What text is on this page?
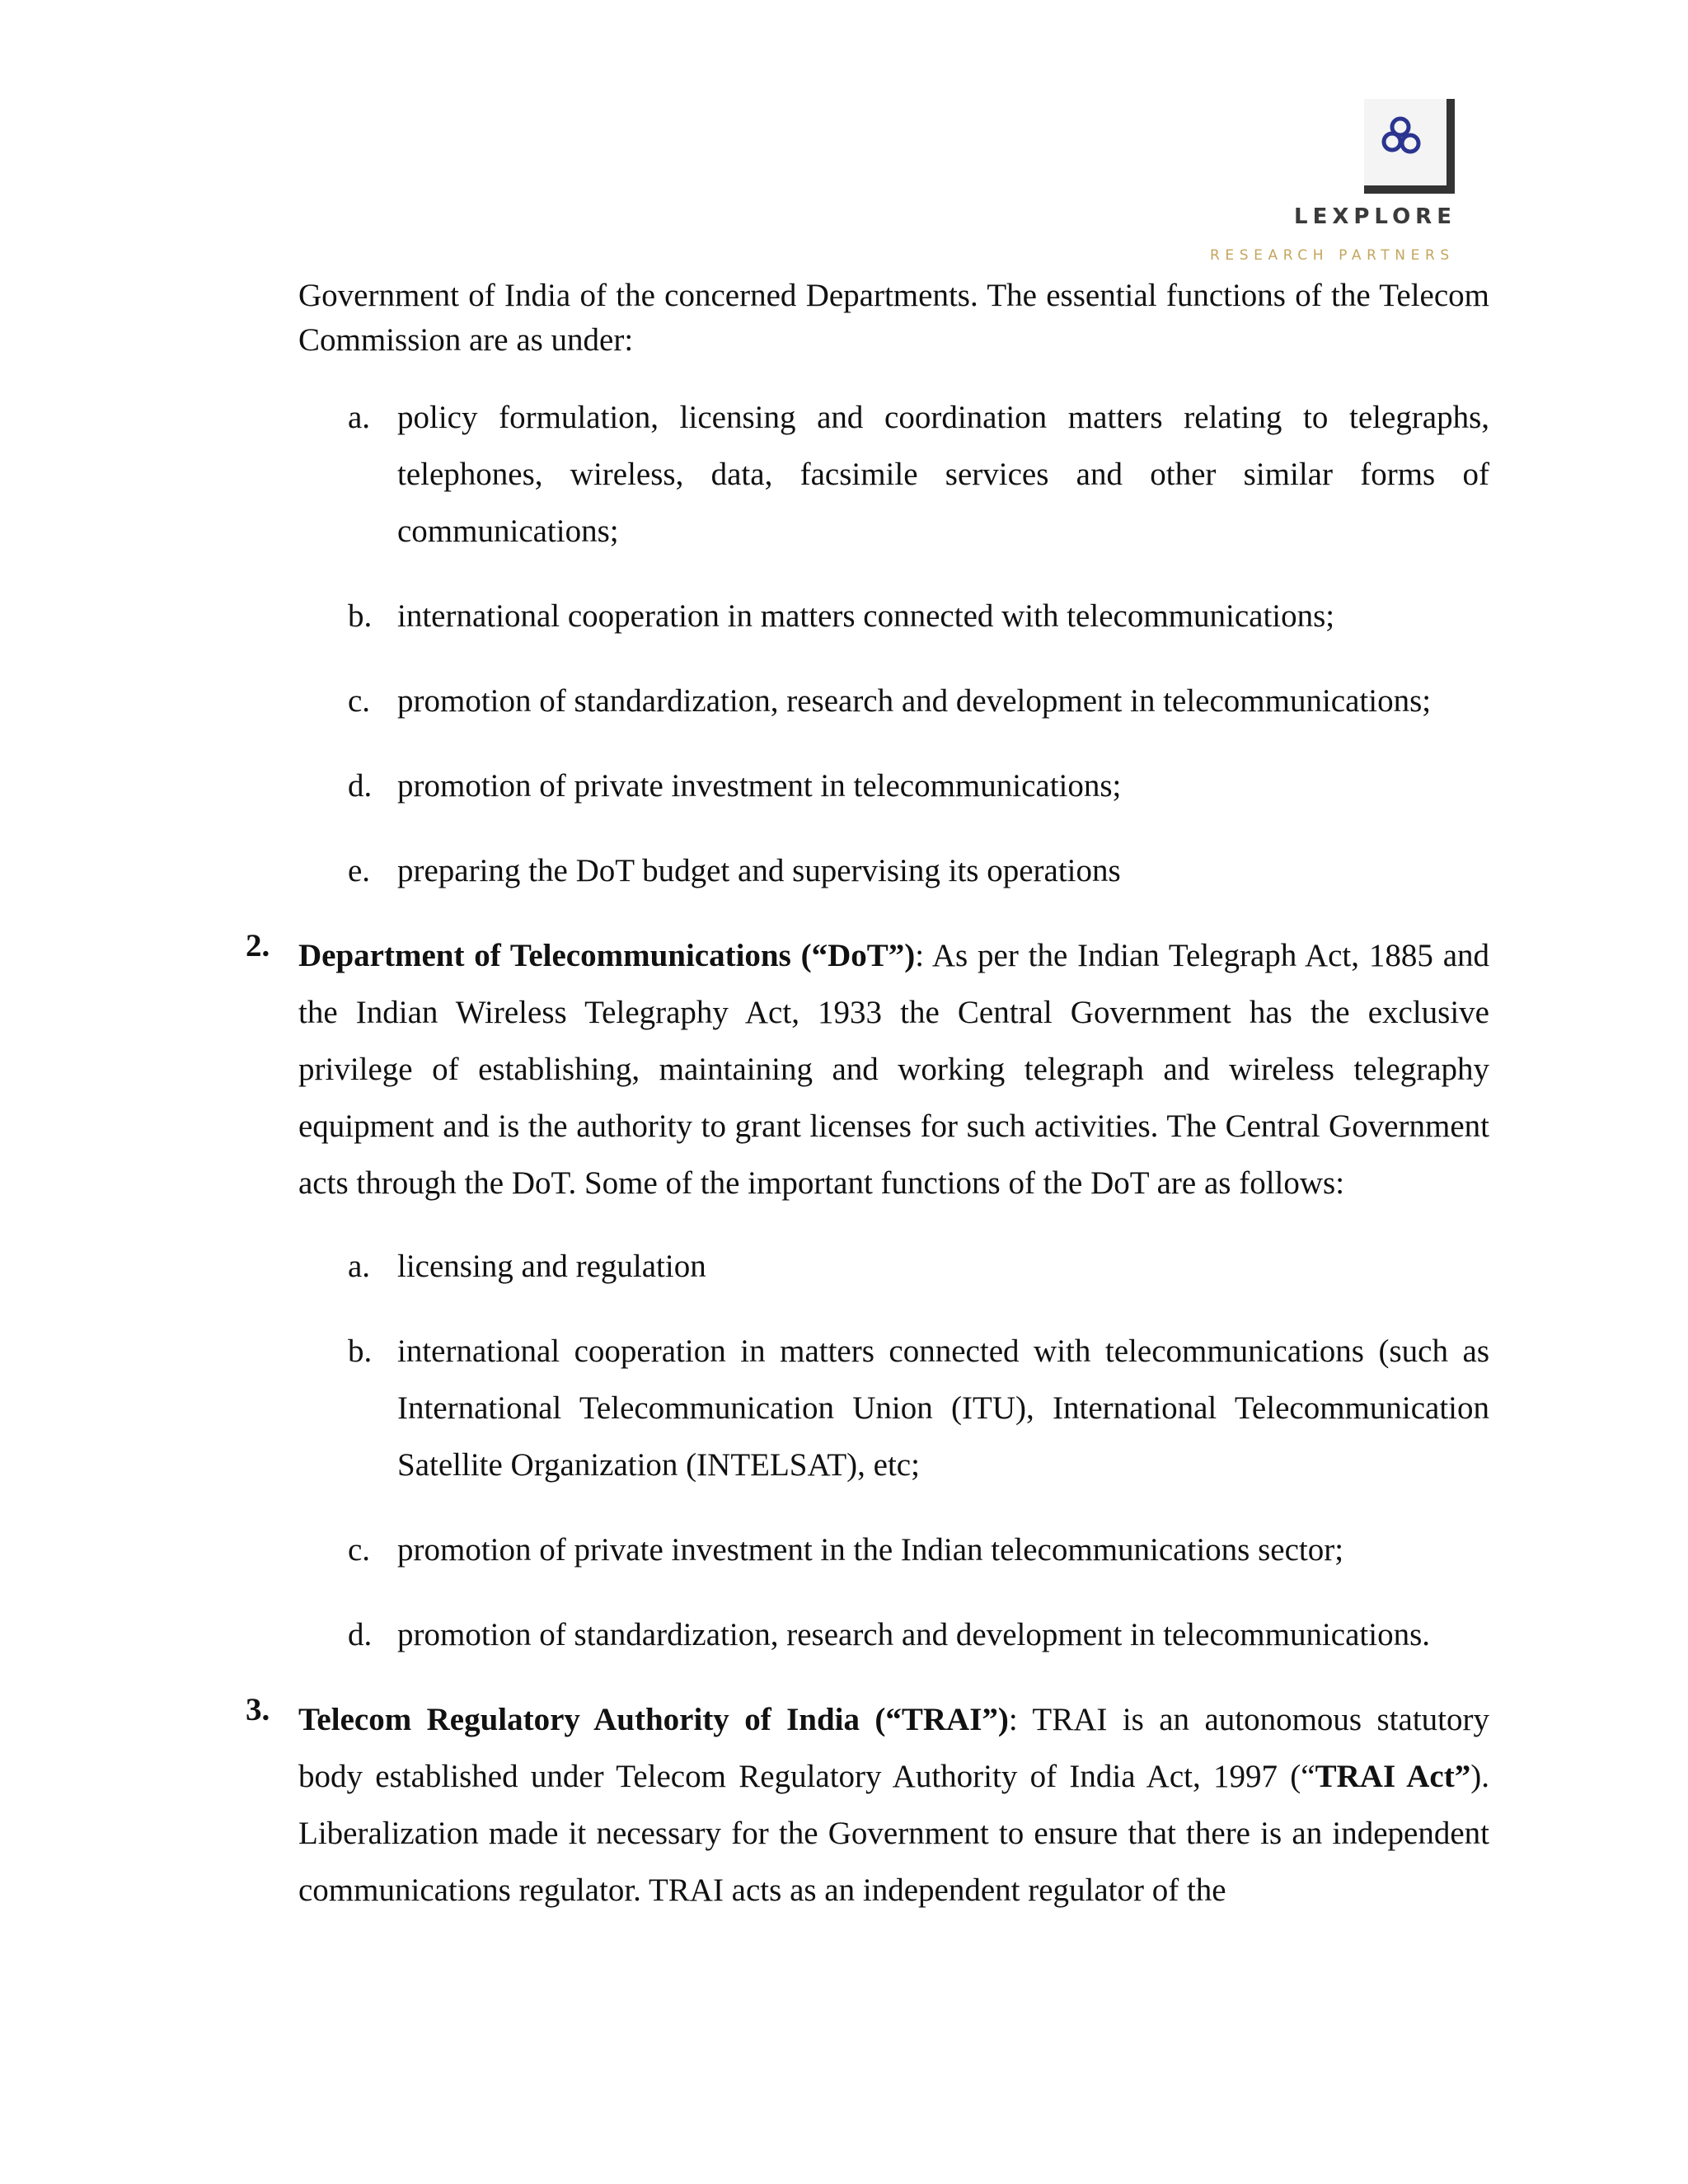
LEXPLORE
RESEARCH PARTNERS

Government of India of the concerned Departments. The essential functions of the Telecom Commission are as under:

a. policy formulation, licensing and coordination matters relating to telegraphs, telephones, wireless, data, facsimile services and other similar forms of communications;
b. international cooperation in matters connected with telecommunications;
c. promotion of standardization, research and development in telecommunications;
d. promotion of private investment in telecommunications;
e. preparing the DoT budget and supervising its operations
2. Department of Telecommunications (“DoT”): As per the Indian Telegraph Act, 1885 and the Indian Wireless Telegraphy Act, 1933 the Central Government has the exclusive privilege of establishing, maintaining and working telegraph and wireless telegraphy equipment and is the authority to grant licenses for such activities. The Central Government acts through the DoT. Some of the important functions of the DoT are as follows:

a. licensing and regulation
b. international cooperation in matters connected with telecommunications (such as International Telecommunication Union (ITU), International Telecommunication Satellite Organization (INTELSAT), etc;
c. promotion of private investment in the Indian telecommunications sector;
d. promotion of standardization, research and development in telecommunications.
3. Telecom Regulatory Authority of India (“TRAI”): TRAI is an autonomous statutory body established under Telecom Regulatory Authority of India Act, 1997 (“TRAI Act”). Liberalization made it necessary for the Government to ensure that there is an independent communications regulator. TRAI acts as an independent regulator of the
